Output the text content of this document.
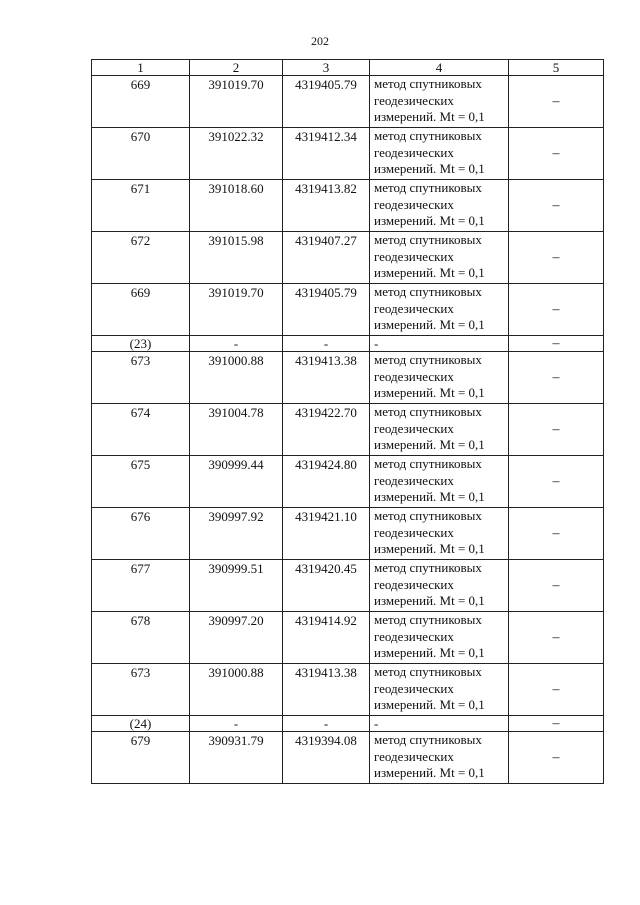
202
1	2	3	4	5

669	391019.70	4319405.79	метод спутниковых геодезических измерений. Mt = 0,1	–

670	391022.32	4319412.34	метод спутниковых геодезических измерений. Mt = 0,1	–

671	391018.60	4319413.82	метод спутниковых геодезических измерений. Mt = 0,1	–

672	391015.98	4319407.27	метод спутниковых геодезических измерений. Mt = 0,1	–

669	391019.70	4319405.79	метод спутниковых геодезических измерений. Mt = 0,1	–

(23)	-	-	-	–

673	391000.88	4319413.38	метод спутниковых геодезических измерений. Mt = 0,1	–

674	391004.78	4319422.70	метод спутниковых геодезических измерений. Mt = 0,1	–

675	390999.44	4319424.80	метод спутниковых геодезических измерений. Mt = 0,1	–

676	390997.92	4319421.10	метод спутниковых геодезических измерений. Mt = 0,1	–

677	390999.51	4319420.45	метод спутниковых геодезических измерений. Mt = 0,1	–

678	390997.20	4319414.92	метод спутниковых геодезических измерений. Mt = 0,1	–

673	391000.88	4319413.38	метод спутниковых геодезических измерений. Mt = 0,1	–

(24)	-	-	-	–

679	390931.79	4319394.08	метод спутниковых геодезических измерений. Mt = 0,1	–
